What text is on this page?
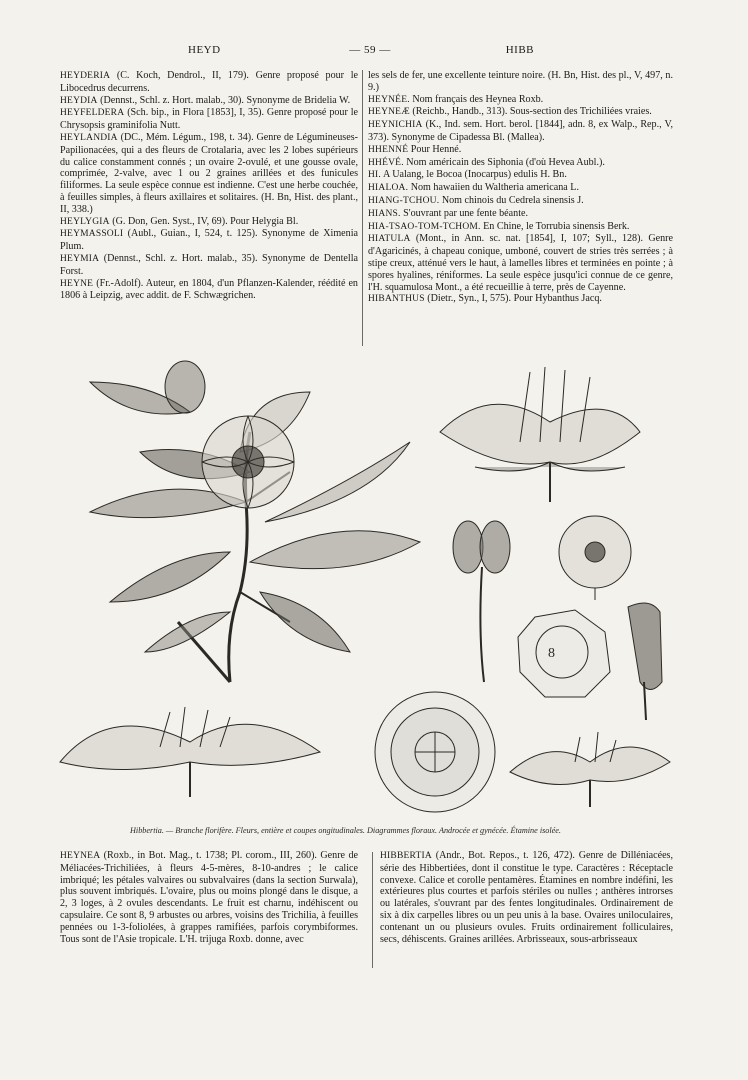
HEYD	— 59 —	HIBB

HEYDERIA (C. Koch, Dendrol., II, 179). Genre proposé pour le Libocedrus decurrens.

HEYDIA (Dennst., Schl. z. Hort. malab., 30). Synonyme de Bridelia W.

HEYFELDERA (Sch. bip., in Flora [1853], I, 35). Genre proposé pour le Chrysopsis graminifolia Nutt.

HEYLANDIA (DC., Mém. Légum., 198, t. 34). Genre de Légumineuses-Papilionacées, qui a des fleurs de Crotalaria, avec les 2 lobes supérieurs du calice constamment connés ; un ovaire 2-ovulé, et une gousse ovale, comprimée, 2-valve, avec 1 ou 2 graines arillées et des funicules filiformes. La seule espèce connue est indienne. C'est une herbe couchée, à feuilles simples, à fleurs axillaires et solitaires. (H. Bn, Hist. des plant., II, 338.)

HEYLYGIA (G. Don, Gen. Syst., IV, 69). Pour Helygia Bl.

HEYMASSOLI (Aubl., Guian., I, 524, t. 125). Synonyme de Ximenia Plum.

HEYMIA (Dennst., Schl. z. Hort. malab., 35). Synonyme de Dentella Forst.

HEYNE (Fr.-Adolf). Auteur, en 1804, d'un Pflanzen-Kalender, réédité en 1806 à Leipzig, avec addit. de F. Schwægrichen.

les sels de fer, une excellente teinture noire. (H. Bn, Hist. des pl., V, 497, n. 9.)

HEYNÉE. Nom français des Heynea Roxb.

HEYNEÆ (Reichb., Handb., 313). Sous-section des Trichiliées vraies.

HEYNICHIA (K., Ind. sem. Hort. berol. [1844], adn. 8, ex Walp., Rep., V, 373). Synonyme de Cipadessa Bl. (Mallea).

HHENNÉ Pour Henné.

HHÉVÉ. Nom américain des Siphonia (d'où Hevea Aubl.).

HI. A Ualang, le Bocoa (Inocarpus) edulis H. Bn.

HIALOA. Nom hawaiien du Waltheria americana L.

HIANG-TCHOU. Nom chinois du Cedrela sinensis J.

HIANS. S'ouvrant par une fente béante.

HIA-TSAO-TOM-TCHOM. En Chine, le Torrubia sinensis Berk.

HIATULA (Mont., in Ann. sc. nat. [1854], I, 107; Syll., 128). Genre d'Agaricinés, à chapeau conique, umboné, couvert de stries très serrées ; à stipe creux, atténué vers le haut, à lamelles libres et terminées en pointe ; à spores hyalines, réniformes. La seule espèce jusqu'ici connue de ce genre, l'H. squamulosa Mont., a été recueillie à terre, près de Cayenne.

HIBANTHUS (Dietr., Syn., I, 575). Pour Hybanthus Jacq.

8
Hibbertia. — Branche florifère. Fleurs, entière et coupes ongitudinales. Diagrammes floraux. Androcée et gynécée. Étamine isolée.

HEYNEA (Roxb., in Bot. Mag., t. 1738; Pl. corom., III, 260). Genre de Méliacées-Trichiliées, à fleurs 4-5-mères, 8-10-andres ; le calice imbriqué; les pétales valvaires ou subvalvaires (dans la section Surwala), plus souvent imbriqués. L'ovaire, plus ou moins plongé dans le disque, a 2, 3 loges, à 2 ovules descendants. Le fruit est charnu, indéhiscent ou capsulaire. Ce sont 8, 9 arbustes ou arbres, voisins des Trichilia, à feuilles pennées ou 1-3-foliolées, à grappes ramifiées, parfois corymbiformes. Tous sont de l'Asie tropicale. L'H. trijuga Roxb. donne, avec

HIBBERTIA (Andr., Bot. Repos., t. 126, 472). Genre de Dilléniacées, série des Hibbertiées, dont il constitue le type. Caractères : Réceptacle convexe. Calice et corolle pentamères. Étamines en nombre indéfini, les extérieures plus courtes et parfois stériles ou nulles ; anthères introrses ou latérales, s'ouvrant par des fentes longitudinales. Ordinairement de six à dix carpelles libres ou un peu unis à la base. Ovaires uniloculaires, contenant un ou plusieurs ovules. Fruits ordinairement folliculaires, secs, déhiscents. Graines arillées. Arbrisseaux, sous-arbrisseaux
